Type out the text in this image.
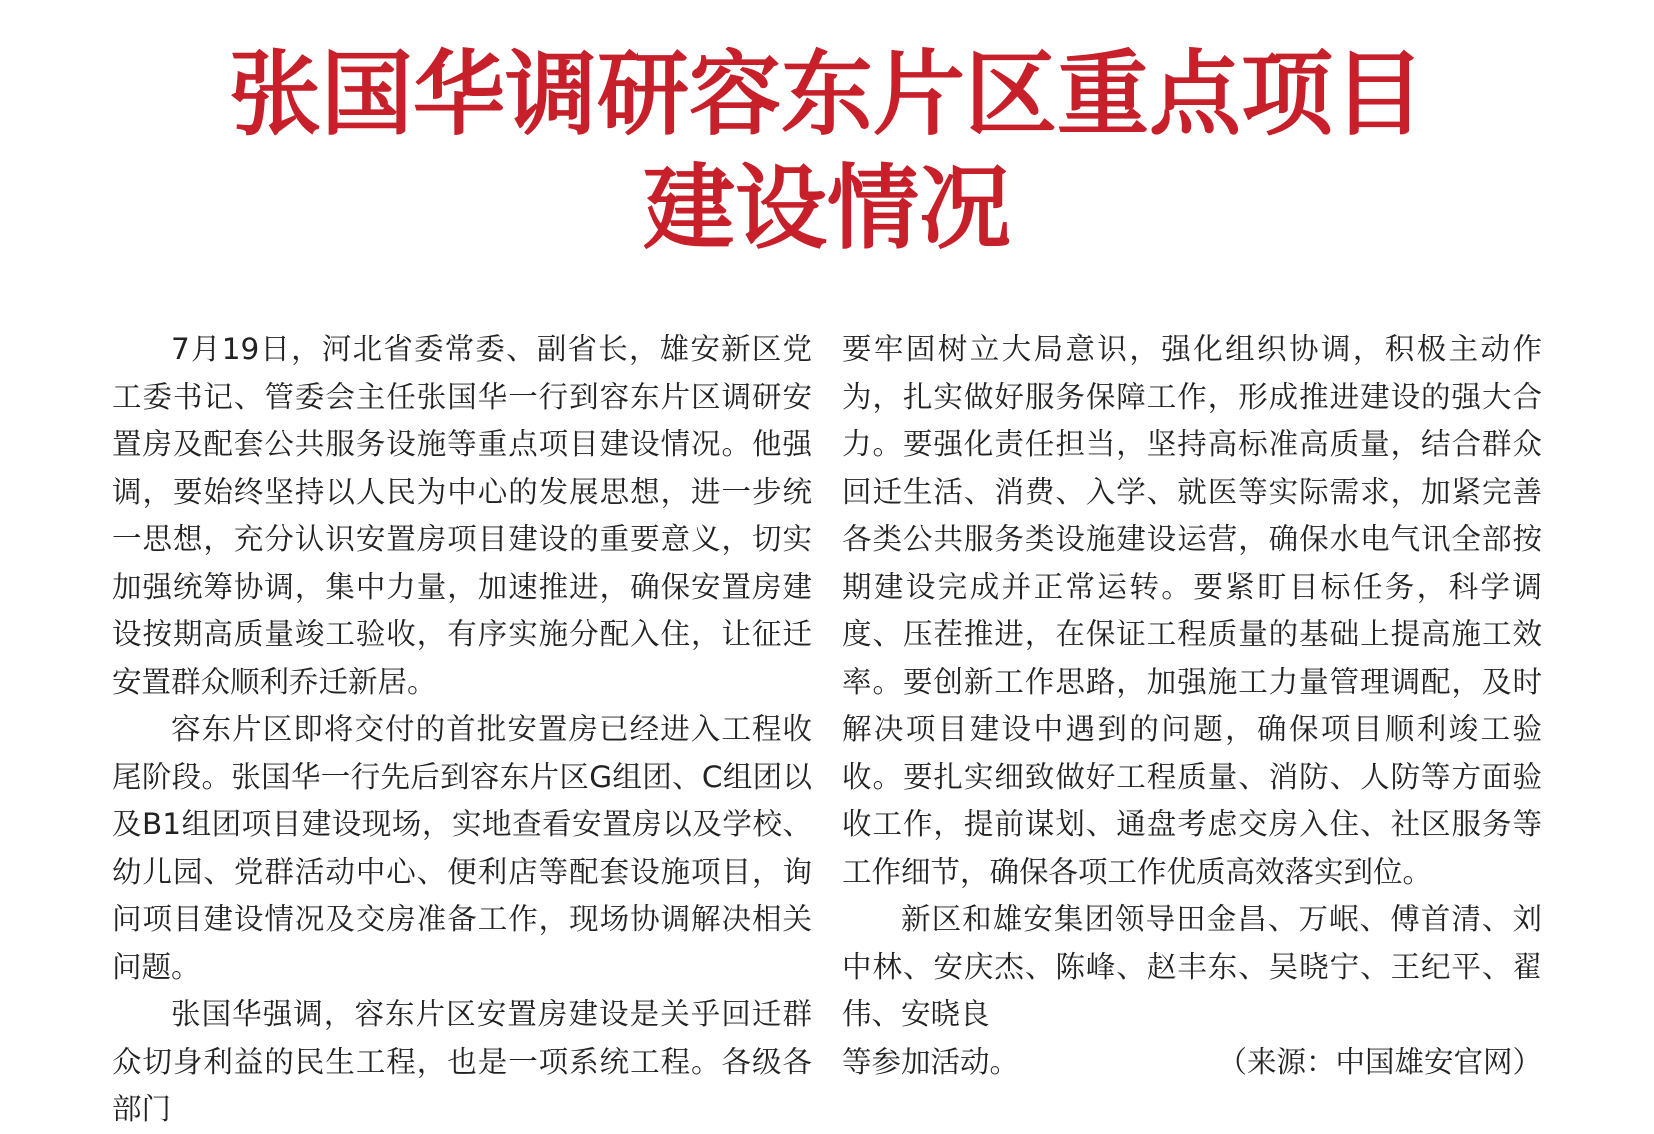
张国华调研容东片区重点项目
建设情况

7月19日，河北省委常委、副省长，雄安新区党工委书记、管委会主任张国华一行到容东片区调研安置房及配套公共服务设施等重点项目建设情况。他强调，要始终坚持以人民为中心的发展思想，进一步统一思想，充分认识安置房项目建设的重要意义，切实加强统筹协调，集中力量，加速推进，确保安置房建设按期高质量竣工验收，有序实施分配入住，让征迁安置群众顺利乔迁新居。

容东片区即将交付的首批安置房已经进入工程收尾阶段。张国华一行先后到容东片区G组团、C组团以及B1组团项目建设现场，实地查看安置房以及学校、幼儿园、党群活动中心、便利店等配套设施项目，询问项目建设情况及交房准备工作，现场协调解决相关问题。

张国华强调，容东片区安置房建设是关乎回迁群众切身利益的民生工程，也是一项系统工程。各级各部门

要牢固树立大局意识，强化组织协调，积极主动作为，扎实做好服务保障工作，形成推进建设的强大合力。要强化责任担当，坚持高标准高质量，结合群众回迁生活、消费、入学、就医等实际需求，加紧完善各类公共服务类设施建设运营，确保水电气讯全部按期建设完成并正常运转。要紧盯目标任务，科学调度、压茬推进，在保证工程质量的基础上提高施工效率。要创新工作思路，加强施工力量管理调配，及时解决项目建设中遇到的问题，确保项目顺利竣工验收。要扎实细致做好工程质量、消防、人防等方面验收工作，提前谋划、通盘考虑交房入住、社区服务等工作细节，确保各项工作优质高效落实到位。

新区和雄安集团领导田金昌、万岷、傅首清、刘中林、安庆杰、陈峰、赵丰东、吴晓宁、王纪平、翟伟、安晓良

等参加活动。	（来源：中国雄安官网）
